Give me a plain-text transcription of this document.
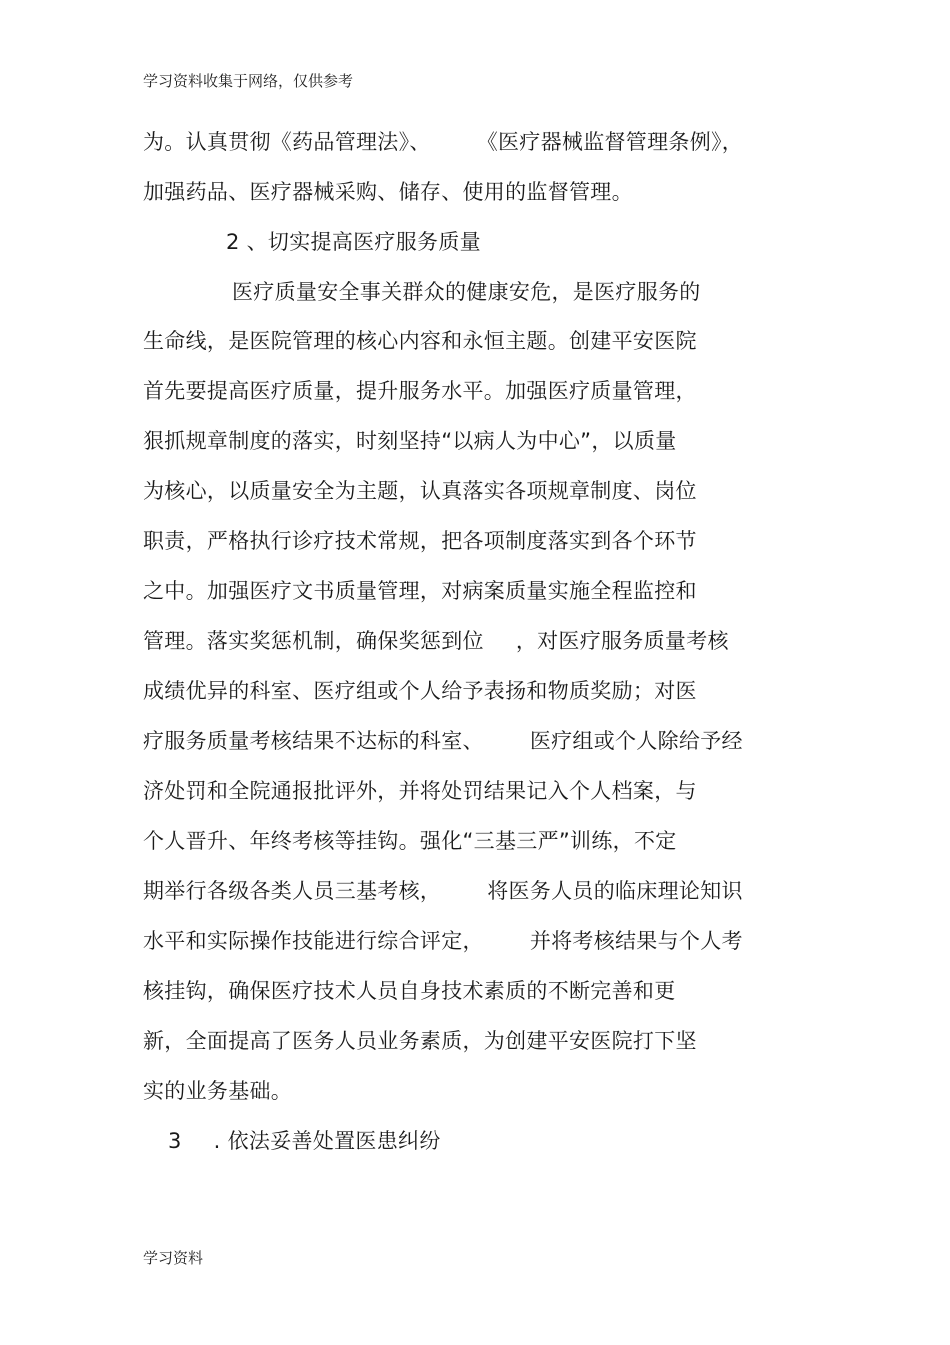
学习资料收集于网络，仅供参考
为。认真贯彻《药品管理法》、 《医疗器械监督管理条例》，
加强药品、医疗器械采购、储存、使用的监督管理。
2 、切实提高医疗服务质量
医疗质量安全事关群众的健康安危，是医疗服务的
生命线，是医院管理的核心内容和永恒主题。创建平安医院
首先要提高医疗质量，提升服务水平。加强医疗质量管理，
狠抓规章制度的落实，时刻坚持“以病人为中心”，以质量
为核心，以质量安全为主题，认真落实各项规章制度、岗位
职责，严格执行诊疗技术常规，把各项制度落实到各个环节
之中。加强医疗文书质量管理，对病案质量实施全程监控和
管理。落实奖惩机制，确保奖惩到位 ，对医疗服务质量考核
成绩优异的科室、医疗组或个人给予表扬和物质奖励；对医
疗服务质量考核结果不达标的科室、 医疗组或个人除给予经
济处罚和全院通报批评外，并将处罚结果记入个人档案，与
个人晋升、年终考核等挂钩。强化“三基三严”训练，不定
期举行各级各类人员三基考核， 将医务人员的临床理论知识
水平和实际操作技能进行综合评定， 并将考核结果与个人考
核挂钩，确保医疗技术人员自身技术素质的不断完善和更
新，全面提高了医务人员业务素质，为创建平安医院打下坚
实的业务基础。
3 . 依法妥善处置医患纠纷
学习资料
